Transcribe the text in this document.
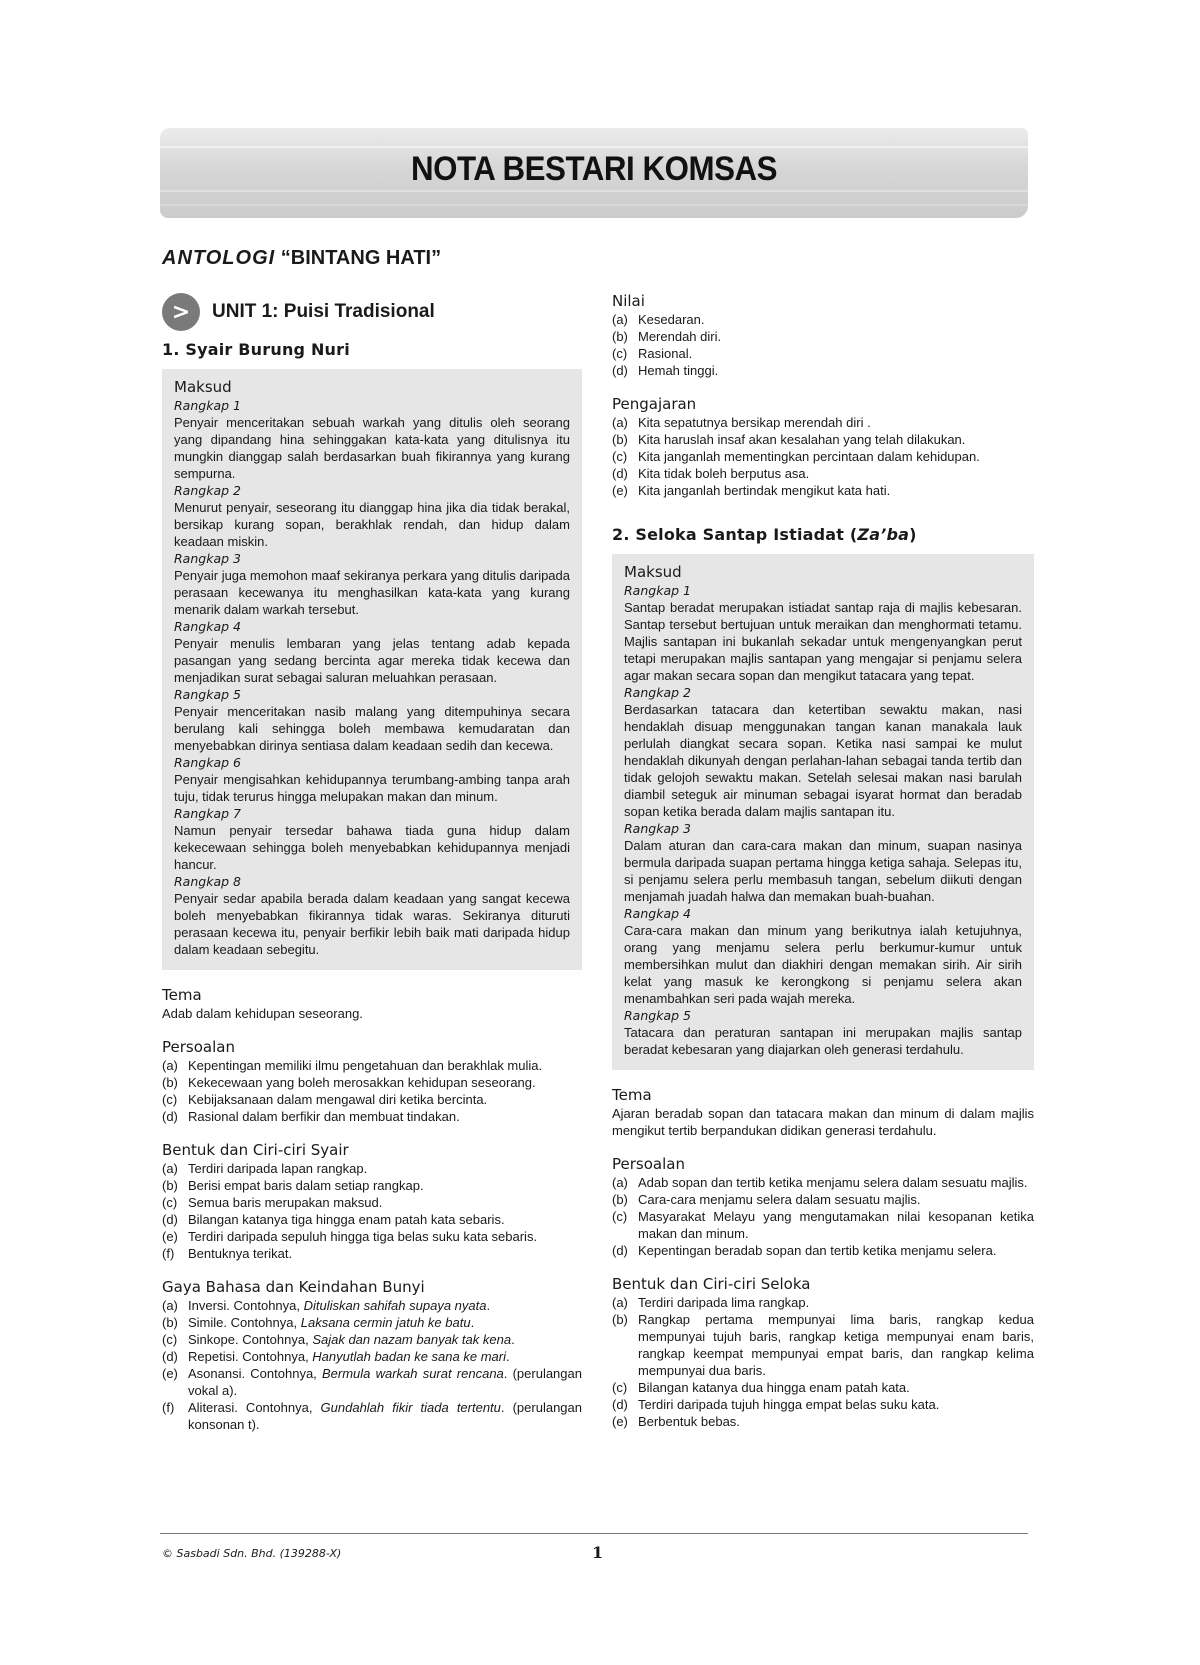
NOTA BESTARI KOMSAS
ANTOLOGI “BINTANG HATI”
>	UNIT 1: Puisi Tradisional
1. Syair Burung Nuri
Maksud
Rangkap 1
Penyair menceritakan sebuah warkah yang ditulis oleh seorang yang dipandang hina sehinggakan kata-kata yang ditulisnya itu mungkin dianggap salah berdasarkan buah fikirannya yang kurang sempurna.
Rangkap 2
Menurut penyair, seseorang itu dianggap hina jika dia tidak berakal, bersikap kurang sopan, berakhlak rendah, dan hidup dalam keadaan miskin.
Rangkap 3
Penyair juga memohon maaf sekiranya perkara yang ditulis daripada perasaan kecewanya itu menghasilkan kata-kata yang kurang menarik dalam warkah tersebut.
Rangkap 4
Penyair menulis lembaran yang jelas tentang adab kepada pasangan yang sedang bercinta agar mereka tidak kecewa dan menjadikan surat sebagai saluran meluahkan perasaan.
Rangkap 5
Penyair menceritakan nasib malang yang ditempuhinya secara berulang kali sehingga boleh membawa kemudaratan dan menyebabkan dirinya sentiasa dalam keadaan sedih dan kecewa.
Rangkap 6
Penyair mengisahkan kehidupannya terumbang-ambing tanpa arah tuju, tidak terurus hingga melupakan makan dan minum.
Rangkap 7
Namun penyair tersedar bahawa tiada guna hidup dalam kekecewaan sehingga boleh menyebabkan kehidupannya menjadi hancur.
Rangkap 8
Penyair sedar apabila berada dalam keadaan yang sangat kecewa boleh menyebabkan fikirannya tidak waras. Sekiranya dituruti perasaan kecewa itu, penyair berfikir lebih baik mati daripada hidup dalam keadaan sebegitu.
Tema
Adab dalam kehidupan seseorang.
Persoalan
(a) Kepentingan memiliki ilmu pengetahuan dan berakhlak mulia.
(b) Kekecewaan yang boleh merosakkan kehidupan seseorang.
(c) Kebijaksanaan dalam mengawal diri ketika bercinta.
(d) Rasional dalam berfikir dan membuat tindakan.
Bentuk dan Ciri-ciri Syair
(a) Terdiri daripada lapan rangkap.
(b) Berisi empat baris dalam setiap rangkap.
(c) Semua baris merupakan maksud.
(d) Bilangan katanya tiga hingga enam patah kata sebaris.
(e) Terdiri daripada sepuluh hingga tiga belas suku kata sebaris.
(f)	Bentuknya terikat.
Gaya Bahasa dan Keindahan Bunyi
(a) Inversi. Contohnya, Dituliskan sahifah supaya nyata.
(b) Simile. Contohnya, Laksana cermin jatuh ke batu.
(c) Sinkope. Contohnya, Sajak dan nazam banyak tak kena.
(d) Repetisi. Contohnya, Hanyutlah badan ke sana ke mari.
(e) Asonansi. Contohnya, Bermula warkah surat rencana. (perulangan vokal a).
(f)	Aliterasi. Contohnya, Gundahlah fikir tiada tertentu. (perulangan konsonan t).
Nilai
(a) Kesedaran.
(b) Merendah diri.
(c) Rasional.
(d) Hemah tinggi.
Pengajaran
(a) Kita sepatutnya bersikap merendah diri .
(b) Kita haruslah insaf akan kesalahan yang telah dilakukan.
(c) Kita janganlah mementingkan percintaan dalam kehidupan.
(d) Kita tidak boleh berputus asa.
(e) Kita janganlah bertindak mengikut kata hati.
2. Seloka Santap Istiadat (Za’ba)
Maksud
Rangkap 1
Santap beradat merupakan istiadat santap raja di majlis kebesaran. Santap tersebut bertujuan untuk meraikan dan menghormati tetamu. Majlis santapan ini bukanlah sekadar untuk mengenyangkan perut tetapi merupakan majlis santapan yang mengajar si penjamu selera agar makan secara sopan dan mengikut tatacara yang tepat.
Rangkap 2
Berdasarkan tatacara dan ketertiban sewaktu makan, nasi hendaklah disuap menggunakan tangan kanan manakala lauk perlulah diangkat secara sopan. Ketika nasi sampai ke mulut hendaklah dikunyah dengan perlahan-lahan sebagai tanda tertib dan tidak gelojoh sewaktu makan. Setelah selesai makan nasi barulah diambil seteguk air minuman sebagai isyarat hormat dan beradab sopan ketika berada dalam majlis santapan itu.
Rangkap 3
Dalam aturan dan cara-cara makan dan minum, suapan nasinya bermula daripada suapan pertama hingga ketiga sahaja. Selepas itu, si penjamu selera perlu membasuh tangan, sebelum diikuti dengan menjamah juadah halwa dan memakan buah-buahan.
Rangkap 4
Cara-cara makan dan minum yang berikutnya ialah ketujuhnya, orang yang menjamu selera perlu berkumur-kumur untuk membersihkan mulut dan diakhiri dengan memakan sirih. Air sirih kelat yang masuk ke kerongkong si penjamu selera akan menambahkan seri pada wajah mereka.
Rangkap 5
Tatacara dan peraturan santapan ini merupakan majlis santap beradat kebesaran yang diajarkan oleh generasi terdahulu.
Tema
Ajaran beradab sopan dan tatacara makan dan minum di dalam majlis mengikut tertib berpandukan didikan generasi terdahulu.
Persoalan
(a) Adab sopan dan tertib ketika menjamu selera dalam sesuatu majlis.
(b) Cara-cara menjamu selera dalam sesuatu majlis.
(c) Masyarakat Melayu yang mengutamakan nilai kesopanan ketika makan dan minum.
(d) Kepentingan beradab sopan dan tertib ketika menjamu selera.
Bentuk dan Ciri-ciri Seloka
(a) Terdiri daripada lima rangkap.
(b) Rangkap pertama mempunyai lima baris, rangkap kedua mempunyai tujuh baris, rangkap ketiga mempunyai enam baris, rangkap keempat mempunyai empat baris, dan rangkap kelima mempunyai dua baris.
(c) Bilangan katanya dua hingga enam patah kata.
(d) Terdiri daripada tujuh hingga empat belas suku kata.
(e) Berbentuk bebas.
© Sasbadi Sdn. Bhd. (139288-X)	1
